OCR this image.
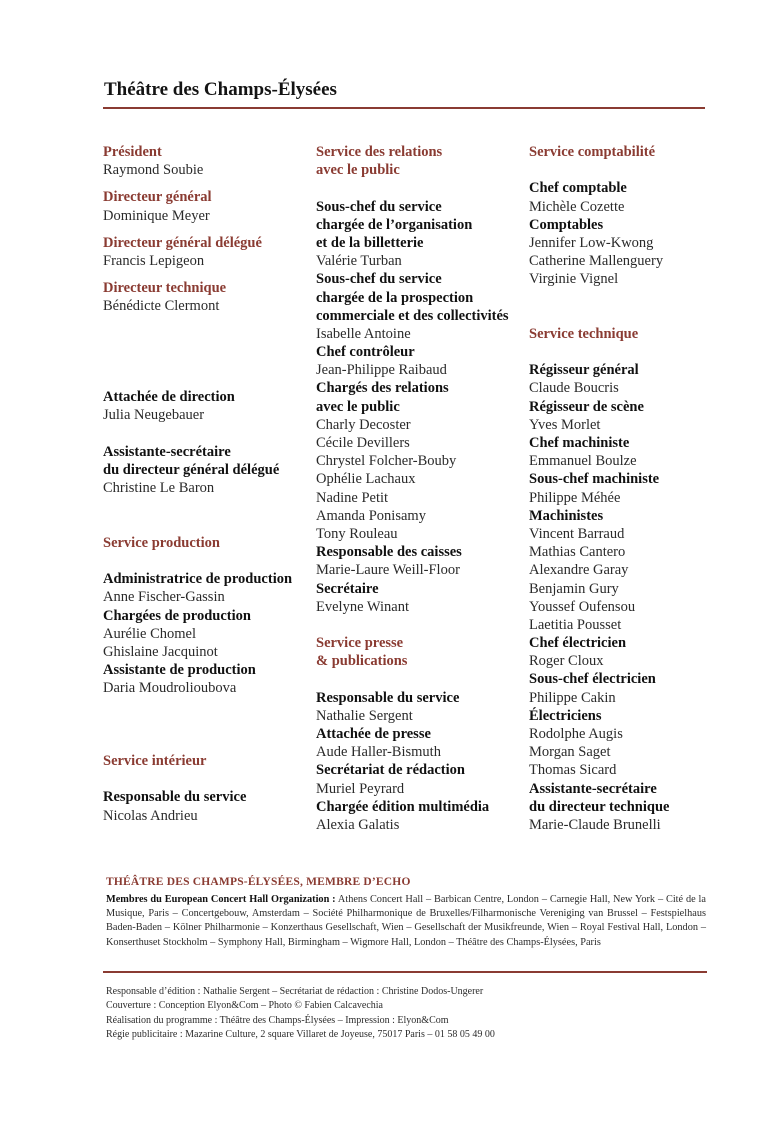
Théâtre des Champs-Élysées
Président
Raymond Soubie
Directeur général
Dominique Meyer
Directeur général délégué
Francis Lepigeon
Directeur technique
Bénédicte Clermont
Attachée de direction
Julia Neugebauer
Assistante-secrétaire
du directeur général délégué
Christine Le Baron
Service production
Administratrice de production
Anne Fischer-Gassin
Chargées de production
Aurélie Chomel
Ghislaine Jacquinot
Assistante de production
Daria Moudrolioubova
Service intérieur
Responsable du service
Nicolas Andrieu
Service des relations
avec le public
Sous-chef du service
chargée de l’organisation
et de la billetterie
Valérie Turban
Sous-chef du service
chargée de la prospection
commerciale et des collectivités
Isabelle Antoine
Chef contrôleur
Jean-Philippe Raibaud
Chargés des relations
avec le public
Charly Decoster
Cécile Devillers
Chrystel Folcher-Bouby
Ophélie Lachaux
Nadine Petit
Amanda Ponisamy
Tony Rouleau
Responsable des caisses
Marie-Laure Weill-Floor
Secrétaire
Evelyne Winant
Service presse
& publications
Responsable du service
Nathalie Sergent
Attachée de presse
Aude Haller-Bismuth
Secrétariat de rédaction
Muriel Peyrard
Chargée édition multimédia
Alexia Galatis
Service comptabilité
Chef comptable
Michèle Cozette
Comptables
Jennifer Low-Kwong
Catherine Mallenguery
Virginie Vignel
Service technique
Régisseur général
Claude Boucris
Régisseur de scène
Yves Morlet
Chef machiniste
Emmanuel Boulze
Sous-chef machiniste
Philippe Méhée
Machinistes
Vincent Barraud
Mathias Cantero
Alexandre Garay
Benjamin Gury
Youssef Oufensou
Laetitia Pousset
Chef électricien
Roger Cloux
Sous-chef électricien
Philippe Cakin
Électriciens
Rodolphe Augis
Morgan Saget
Thomas Sicard
Assistante-secrétaire
du directeur technique
Marie-Claude Brunelli
THÉÂTRE DES CHAMPS-ÉLYSÉES, MEMBRE D’ECHO
Membres du European Concert Hall Organization : Athens Concert Hall – Barbican Centre, London – Carnegie Hall, New York – Cité de la Musique, Paris – Concertgebouw, Amsterdam – Société Philharmonique de Bruxelles/Filharmonische Vereniging van Brussel – Festspielhaus Baden-Baden – Kölner Philharmonie – Konzerthaus Gesellschaft, Wien – Gesellschaft der Musikfreunde, Wien – Royal Festival Hall, London – Konserthuset Stockholm – Symphony Hall, Birmingham – Wigmore Hall, London – Théâtre des Champs-Élysées, Paris
Responsable d’édition : Nathalie Sergent – Secrétariat de rédaction : Christine Dodos-Ungerer
Couverture : Conception Elyon&Com – Photo © Fabien Calcavechia
Réalisation du programme : Théâtre des Champs-Élysées – Impression : Elyon&Com
Régie publicitaire : Mazarine Culture, 2 square Villaret de Joyeuse, 75017 Paris – 01 58 05 49 00
